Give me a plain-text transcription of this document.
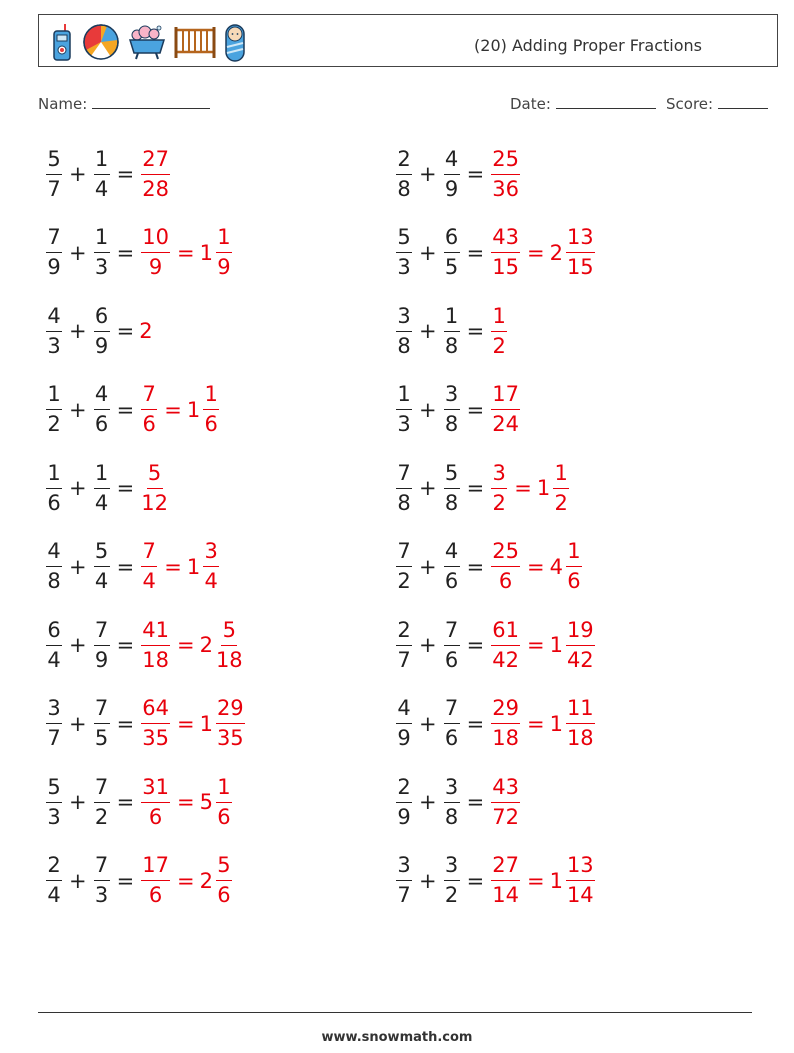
(20) Adding Proper Fractions
Name:	Date:	Score:
$\frac{5}{7} + \frac{1}{4} = \frac{27}{28}$	$\frac{2}{8} + \frac{4}{9} = \frac{25}{36}$
$\frac{7}{9} + \frac{1}{3} = \frac{10}{9} = 1 \frac{1}{9}$	$\frac{5}{3} + \frac{6}{5} = \frac{43}{15} = 2 \frac{13}{15}$
$\frac{4}{3} + \frac{6}{9} = 2$	$\frac{3}{8} + \frac{1}{8} = \frac{1}{2}$
$\frac{1}{2} + \frac{4}{6} = \frac{7}{6} = 1 \frac{1}{6}$	$\frac{1}{3} + \frac{3}{8} = \frac{17}{24}$
$\frac{1}{6} + \frac{1}{4} = \frac{5}{12}$	$\frac{7}{8} + \frac{5}{8} = \frac{3}{2} = 1 \frac{1}{2}$
$\frac{4}{8} + \frac{5}{4} = \frac{7}{4} = 1 \frac{3}{4}$	$\frac{7}{2} + \frac{4}{6} = \frac{25}{6} = 4 \frac{1}{6}$
$\frac{6}{4} + \frac{7}{9} = \frac{41}{18} = 2 \frac{5}{18}$	$\frac{2}{7} + \frac{7}{6} = \frac{61}{42} = 1 \frac{19}{42}$
$\frac{3}{7} + \frac{7}{5} = \frac{64}{35} = 1 \frac{29}{35}$	$\frac{4}{9} + \frac{7}{6} = \frac{29}{18} = 1 \frac{11}{18}$
$\frac{5}{3} + \frac{7}{2} = \frac{31}{6} = 5 \frac{1}{6}$	$\frac{2}{9} + \frac{3}{8} = \frac{43}{72}$
$\frac{2}{4} + \frac{7}{3} = \frac{17}{6} = 2 \frac{5}{6}$	$\frac{3}{7} + \frac{3}{2} = \frac{27}{14} = 1 \frac{13}{14}$
www.snowmath.com
